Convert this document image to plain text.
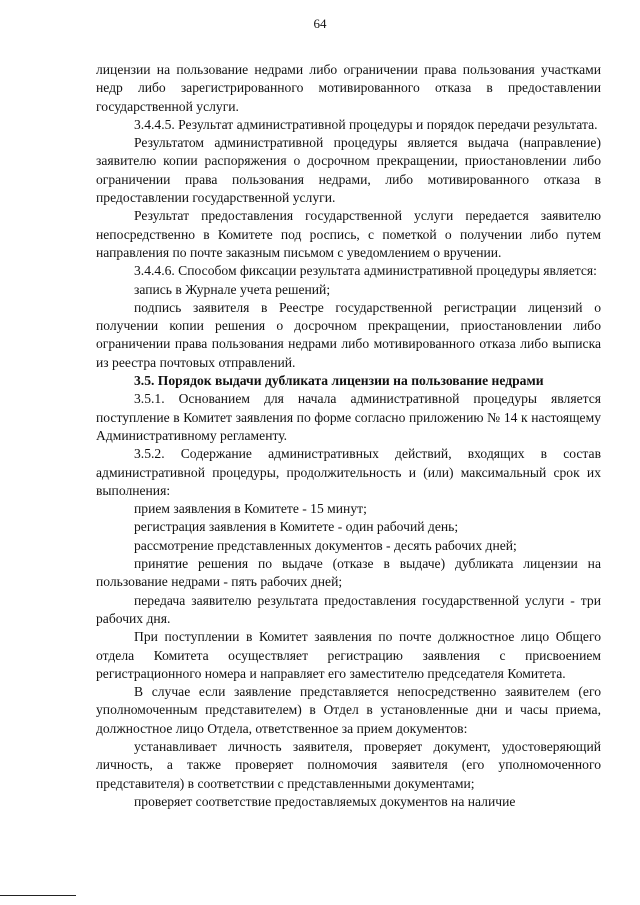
64

лицензии на пользование недрами либо ограничении права пользования участками недр либо зарегистрированного мотивированного отказа в предоставлении государственной услуги.

3.4.4.5. Результат административной процедуры и порядок передачи результата.

Результатом административной процедуры является выдача (направление) заявителю копии распоряжения о досрочном прекращении, приостановлении либо ограничении права пользования недрами, либо мотивированного отказа в предоставлении государственной услуги.

Результат предоставления государственной услуги передается заявителю непосредственно в Комитете под роспись, с пометкой о получении либо путем направления по почте заказным письмом с уведомлением о вручении.

3.4.4.6. Способом фиксации результата административной процедуры является:

запись в Журнале учета решений;

подпись заявителя в Реестре государственной регистрации лицензий о получении копии решения о досрочном прекращении, приостановлении либо ограничении права пользования недрами либо мотивированного отказа либо выписка из реестра почтовых отправлений.

3.5. Порядок выдачи дубликата лицензии на пользование недрами

3.5.1. Основанием для начала административной процедуры является поступление в Комитет заявления по форме согласно приложению № 14 к настоящему Административному регламенту.

3.5.2. Содержание административных действий, входящих в состав административной процедуры, продолжительность и (или) максимальный срок их выполнения:

прием заявления в Комитете - 15 минут;

регистрация заявления в Комитете - один рабочий день;

рассмотрение представленных документов - десять рабочих дней;

принятие решения по выдаче (отказе в выдаче) дубликата лицензии на пользование недрами - пять рабочих дней;

передача заявителю результата предоставления государственной услуги - три рабочих дня.

При поступлении в Комитет заявления по почте должностное лицо Общего отдела Комитета осуществляет регистрацию заявления с присвоением регистрационного номера и направляет его заместителю председателя Комитета.

В случае если заявление представляется непосредственно заявителем (его уполномоченным представителем) в Отдел в установленные дни и часы приема, должностное лицо Отдела, ответственное за прием документов:

устанавливает личность заявителя, проверяет документ, удостоверяющий личность, а также проверяет полномочия заявителя (его уполномоченного представителя) в соответствии с представленными документами;

проверяет соответствие предоставляемых документов на наличие
